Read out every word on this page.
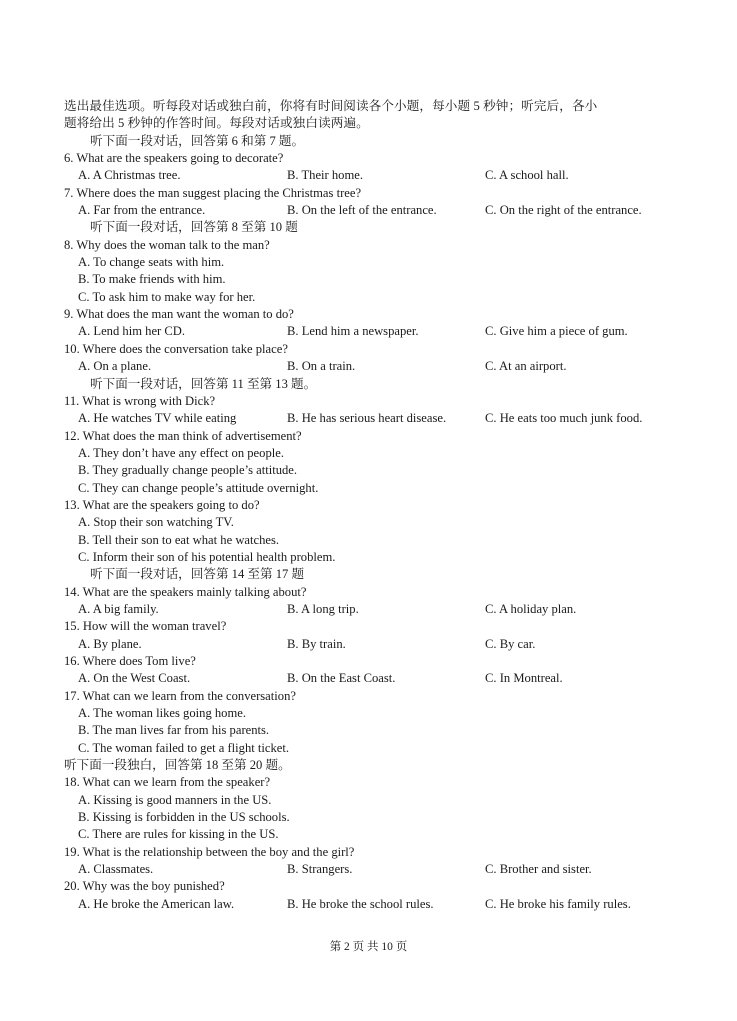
选出最佳选项。听每段对话或独白前，你将有时间阅读各个小题，每小题 5 秒钟；听完后，各小
题将给出 5 秒钟的作答时间。每段对话或独白读两遍。
听下面一段对话，回答第 6 和第 7 题。
6. What are the speakers going to decorate?
A. A Christmas tree.	B. Their home.	C. A school hall.
7. Where does the man suggest placing the Christmas tree?
A. Far from the entrance.	B. On the left of the entrance.	C. On the right of the entrance.
听下面一段对话，回答第 8 至第 10 题
8. Why does the woman talk to the man?
A. To change seats with him.
B. To make friends with him.
C. To ask him to make way for her.
9. What does the man want the woman to do?
A. Lend him her CD.	B. Lend him a newspaper.	C. Give him a piece of gum.
10. Where does the conversation take place?
A. On a plane.	B. On a train.	C. At an airport.
听下面一段对话，回答第 11 至第 13 题。
11. What is wrong with Dick?
A. He watches TV while eating	B. He has serious heart disease.	C. He eats too much junk food.
12. What does the man think of advertisement?
A. They don’t have any effect on people.
B. They gradually change people’s attitude.
C. They can change people’s attitude overnight.
13. What are the speakers going to do?
A. Stop their son watching TV.
B. Tell their son to eat what he watches.
C. Inform their son of his potential health problem.
听下面一段对话，回答第 14 至第 17 题
14. What are the speakers mainly talking about?
A. A big family.	B. A long trip.	C. A holiday plan.
15. How will the woman travel?
A. By plane.	B. By train.	C. By car.
16. Where does Tom live?
A. On the West Coast.	B. On the East Coast.	C. In Montreal.
17. What can we learn from the conversation?
A. The woman likes going home.
B. The man lives far from his parents.
C. The woman failed to get a flight ticket.
听下面一段独白，回答第 18 至第 20 题。
18. What can we learn from the speaker?
A. Kissing is good manners in the US.
B. Kissing is forbidden in the US schools.
C. There are rules for kissing in the US.
19. What is the relationship between the boy and the girl?
A. Classmates.	B. Strangers.	C. Brother and sister.
20. Why was the boy punished?
A. He broke the American law.	B. He broke the school rules.	C. He broke his family rules.
第 2 页 共 10 页
